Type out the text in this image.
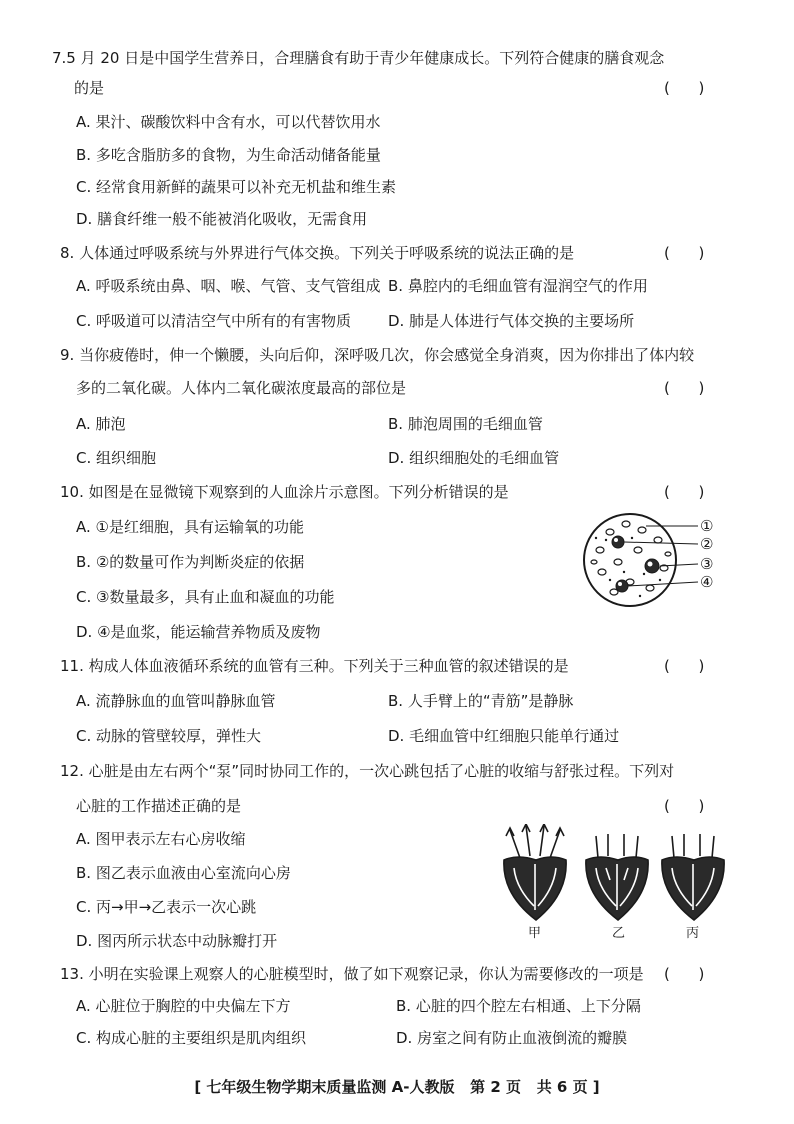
7.5 月 20 日是中国学生营养日，合理膳食有助于青少年健康成长。下列符合健康的膳食观念
的是	(      )
A. 果汁、碳酸饮料中含有水，可以代替饮用水
B. 多吃含脂肪多的食物，为生命活动储备能量
C. 经常食用新鲜的蔬果可以补充无机盐和维生素
D. 膳食纤维一般不能被消化吸收，无需食用
8. 人体通过呼吸系统与外界进行气体交换。下列关于呼吸系统的说法正确的是	(      )
A. 呼吸系统由鼻、咽、喉、气管、支气管组成 B. 鼻腔内的毛细血管有湿润空气的作用
C. 呼吸道可以清洁空气中所有的有害物质 D. 肺是人体进行气体交换的主要场所
9. 当你疲倦时，伸一个懒腰，头向后仰，深呼吸几次，你会感觉全身消爽，因为你排出了体内较
多的二氧化碳。人体内二氧化碳浓度最高的部位是	(      )
A. 肺泡	B. 肺泡周围的毛细血管
C. 组织细胞	D. 组织细胞处的毛细血管
10. 如图是在显微镜下观察到的人血涂片示意图。下列分析错误的是	(      )
A. ①是红细胞，具有运输氧的功能
B. ②的数量可作为判断炎症的依据
C. ③数量最多，具有止血和凝血的功能
D. ④是血浆，能运输营养物质及废物
①
②
③
④
11. 构成人体血液循环系统的血管有三种。下列关于三种血管的叙述错误的是	(      )
A. 流静脉血的血管叫静脉血管	B. 人手臂上的“青筋”是静脉
C. 动脉的管壁较厚，弹性大	D. 毛细血管中红细胞只能单行通过
12. 心脏是由左右两个“泵”同时协同工作的，一次心跳包括了心脏的收缩与舒张过程。下列对
心脏的工作描述正确的是	(      )
A. 图甲表示左右心房收缩
B. 图乙表示血液由心室流向心房
C. 丙→甲→乙表示一次心跳
D. 图丙所示状态中动脉瓣打开	甲	乙	丙
13. 小明在实验课上观察人的心脏模型时，做了如下观察记录，你认为需要修改的一项是 (      )
A. 心脏位于胸腔的中央偏左下方	B. 心脏的四个腔左右相通、上下分隔
C. 构成心脏的主要组织是肌肉组织	D. 房室之间有防止血液倒流的瓣膜
[ 七年级生物学期末质量监测 A-人教版   第 2 页   共 6 页 ]
